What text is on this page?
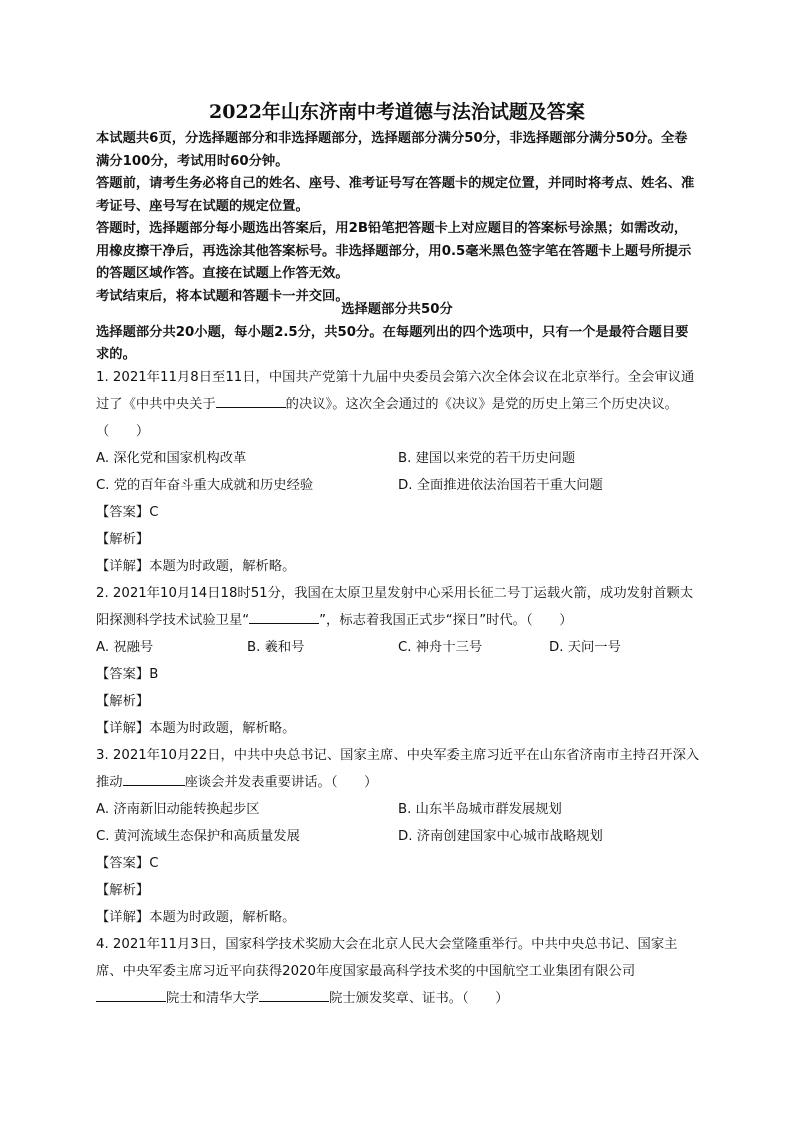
2022年山东济南中考道德与法治试题及答案

本试题共6页，分选择题部分和非选择题部分，选择题部分满分50分，非选择题部分满分50分。全卷满分100分，考试用时60分钟。

答题前，请考生务必将自己的姓名、座号、准考证号写在答题卡的规定位置，并同时将考点、姓名、准考证号、座号写在试题的规定位置。

答题时，选择题部分每小题选出答案后，用2B铅笔把答题卡上对应题目的答案标号涂黑；如需改动，用橡皮擦干净后，再选涂其他答案标号。非选择题部分，用0.5毫米黑色签字笔在答题卡上题号所提示的答题区域作答。直接在试题上作答无效。

考试结束后，将本试题和答题卡一并交回。

选择题部分共50分

选择题部分共20小题，每小题2.5分，共50分。在每题列出的四个选项中，只有一个是最符合题目要求的。

1. 2021年11月8日至11日，中国共产党第十九届中央委员会第六次全体会议在北京举行。全会审议通过了《中共中央关于	的决议》。这次全会通过的《决议》是党的历史上第三个历史决议。（　　）

A. 深化党和国家机构改革	B. 建国以来党的若干历史问题
C. 党的百年奋斗重大成就和历史经验	D. 全面推进依法治国若干重大问题

【答案】C

【解析】

【详解】本题为时政题，解析略。

2. 2021年10月14日18时51分，我国在太原卫星发射中心采用长征二号丁运载火箭，成功发射首颗太阳探测科学技术试验卫星“	”，标志着我国正式步“探日”时代。（　　）

A. 祝融号	B. 羲和号	C. 神舟十三号	D. 天问一号

【答案】B

【解析】

【详解】本题为时政题，解析略。

3. 2021年10月22日，中共中央总书记、国家主席、中央军委主席习近平在山东省济南市主持召开深入推动	座谈会并发表重要讲话。（　　）

A. 济南新旧动能转换起步区	B. 山东半岛城市群发展规划
C. 黄河流域生态保护和高质量发展	D. 济南创建国家中心城市战略规划

【答案】C

【解析】

【详解】本题为时政题，解析略。

4. 2021年11月3日，国家科学技术奖励大会在北京人民大会堂隆重举行。中共中央总书记、国家主席、中央军委主席习近平向获得2020年度国家最高科学技术奖的中国航空工业集团有限公司院士和清华大学	院士颁发奖章、证书。（　　）
